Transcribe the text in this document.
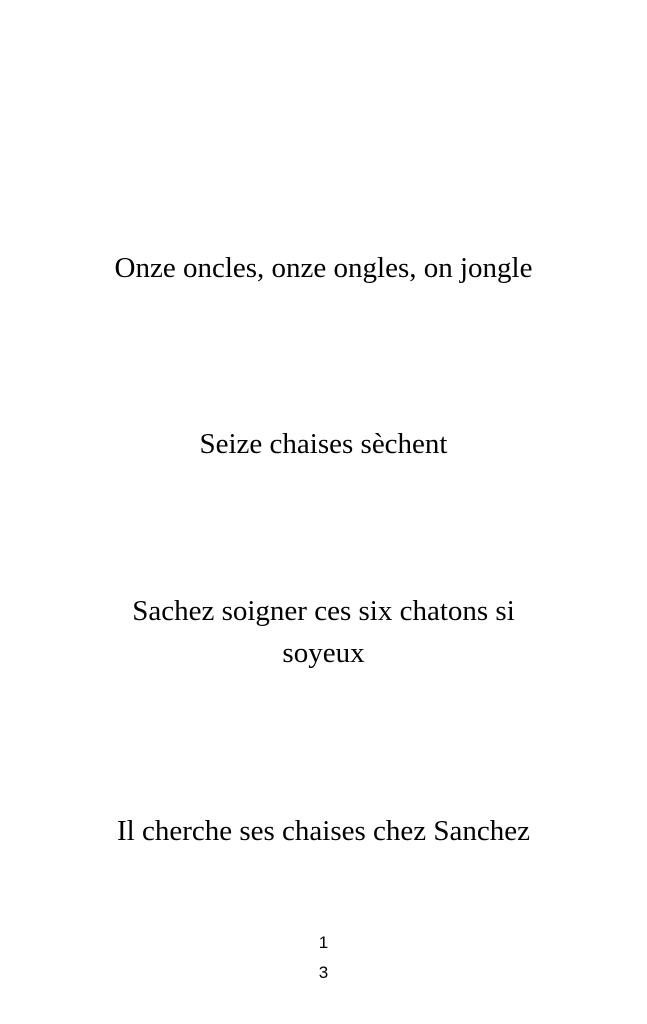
Onze oncles, onze ongles, on jongle

Seize chaises sèchent

Sachez soigner ces six chatons si

soyeux

Il cherche ses chaises chez Sanchez

1

3
